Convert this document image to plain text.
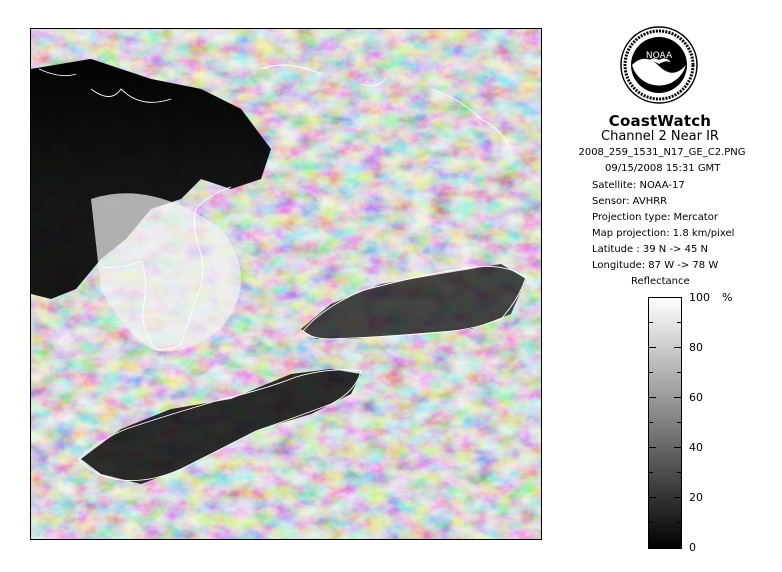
NOAA
CoastWatch
Channel 2 Near IR
2008_259_1531_N17_GE_C2.PNG
09/15/2008 15:31 GMT
Satellite: NOAA-17
Sensor: AVHRR
Projection type: Mercator
Map projection: 1.8 km/pixel
Latitude : 39 N -> 45 N
Longitude: 87 W -> 78 W
Reflectance
%
100
80
60
40
20
0
